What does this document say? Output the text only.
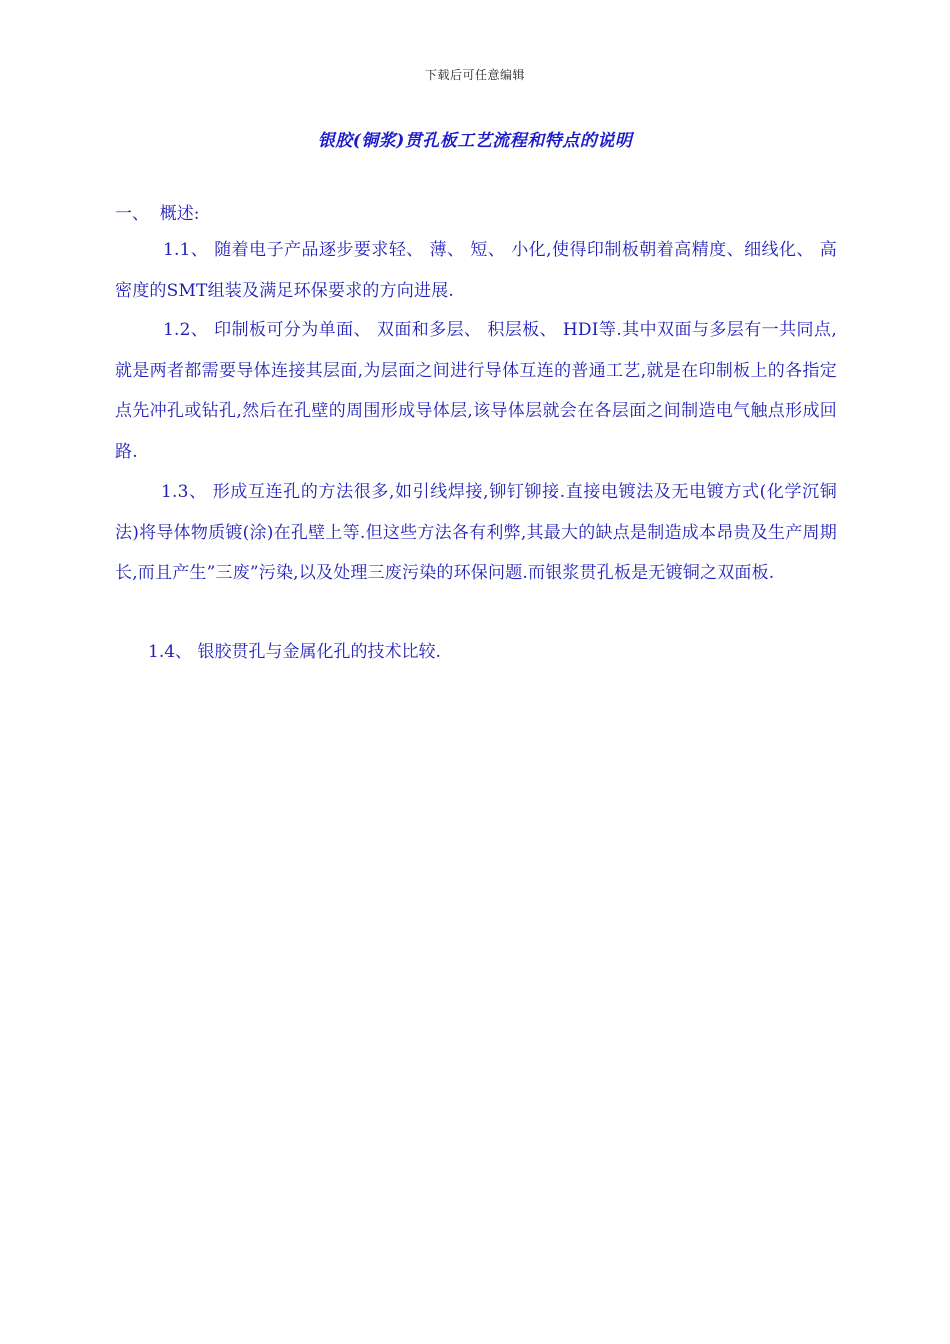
下载后可任意编辑
银胶(铜浆)贯孔板工艺流程和特点的说明
一、  概述:

1.1、 随着电子产品逐步要求轻、 薄、 短、 小化,使得印制板朝着高精度、细线化、 高密度的SMT组装及满足环保要求的方向进展.

1.2、 印制板可分为单面、 双面和多层、 积层板、 HDI等.其中双面与多层有一共同点,就是两者都需要导体连接其层面,为层面之间进行导体互连的普通工艺,就是在印制板上的各指定点先冲孔或钻孔,然后在孔壁的周围形成导体层,该导体层就会在各层面之间制造电气触点形成回路.

1.3、 形成互连孔的方法很多,如引线焊接,铆钉铆接.直接电镀法及无电镀方式(化学沉铜法)将导体物质镀(涂)在孔壁上等.但这些方法各有利弊,其最大的缺点是制造成本昂贵及生产周期长,而且产生”三废”污染,以及处理三废污染的环保问题.而银浆贯孔板是无镀铜之双面板.

1.4、 银胶贯孔与金属化孔的技术比较.
